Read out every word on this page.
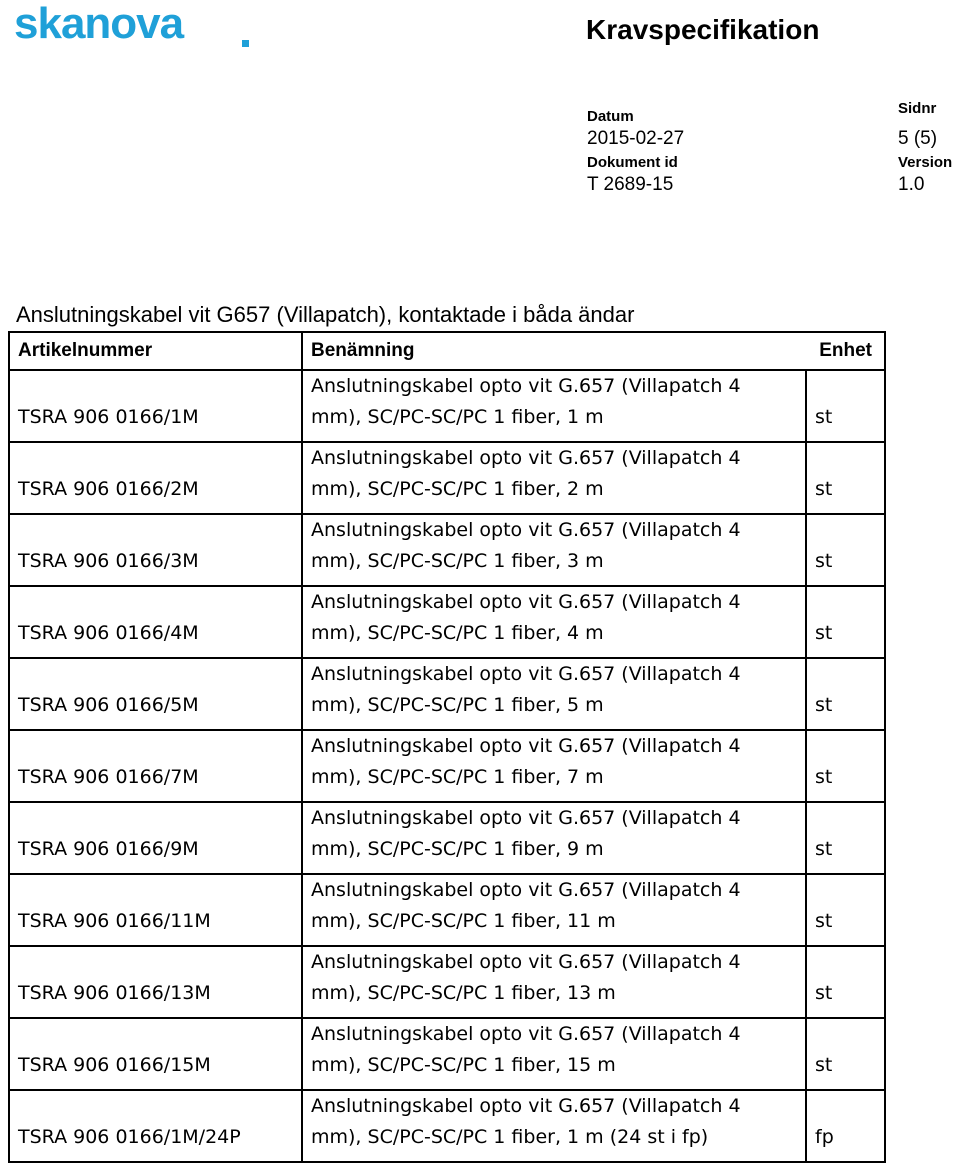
skanova	Kravspecifikation
Datum
2015-02-27
Sidnr
5 (5)
Dokument id
T 2689-15
Version
1.0
Anslutningskabel vit G657 (Villapatch), kontaktade i båda ändar
Artikelnummer	Benämning	Enhet
TSRA 906 0166/1M	Anslutningskabel opto vit G.657 (Villapatch 4
mm), SC/PC-SC/PC 1 fiber, 1 m	st
TSRA 906 0166/2M	Anslutningskabel opto vit G.657 (Villapatch 4
mm), SC/PC-SC/PC 1 fiber, 2 m	st
TSRA 906 0166/3M	Anslutningskabel opto vit G.657 (Villapatch 4
mm), SC/PC-SC/PC 1 fiber, 3 m	st
TSRA 906 0166/4M	Anslutningskabel opto vit G.657 (Villapatch 4
mm), SC/PC-SC/PC 1 fiber, 4 m	st
TSRA 906 0166/5M	Anslutningskabel opto vit G.657 (Villapatch 4
mm), SC/PC-SC/PC 1 fiber, 5 m	st
TSRA 906 0166/7M	Anslutningskabel opto vit G.657 (Villapatch 4
mm), SC/PC-SC/PC 1 fiber, 7 m	st
TSRA 906 0166/9M	Anslutningskabel opto vit G.657 (Villapatch 4
mm), SC/PC-SC/PC 1 fiber, 9 m	st
TSRA 906 0166/11M	Anslutningskabel opto vit G.657 (Villapatch 4
mm), SC/PC-SC/PC 1 fiber, 11 m	st
TSRA 906 0166/13M	Anslutningskabel opto vit G.657 (Villapatch 4
mm), SC/PC-SC/PC 1 fiber, 13 m	st
TSRA 906 0166/15M	Anslutningskabel opto vit G.657 (Villapatch 4
mm), SC/PC-SC/PC 1 fiber, 15 m	st
TSRA 906 0166/1M/24P	Anslutningskabel opto vit G.657 (Villapatch 4
mm), SC/PC-SC/PC 1 fiber, 1 m (24 st i fp)	fp
